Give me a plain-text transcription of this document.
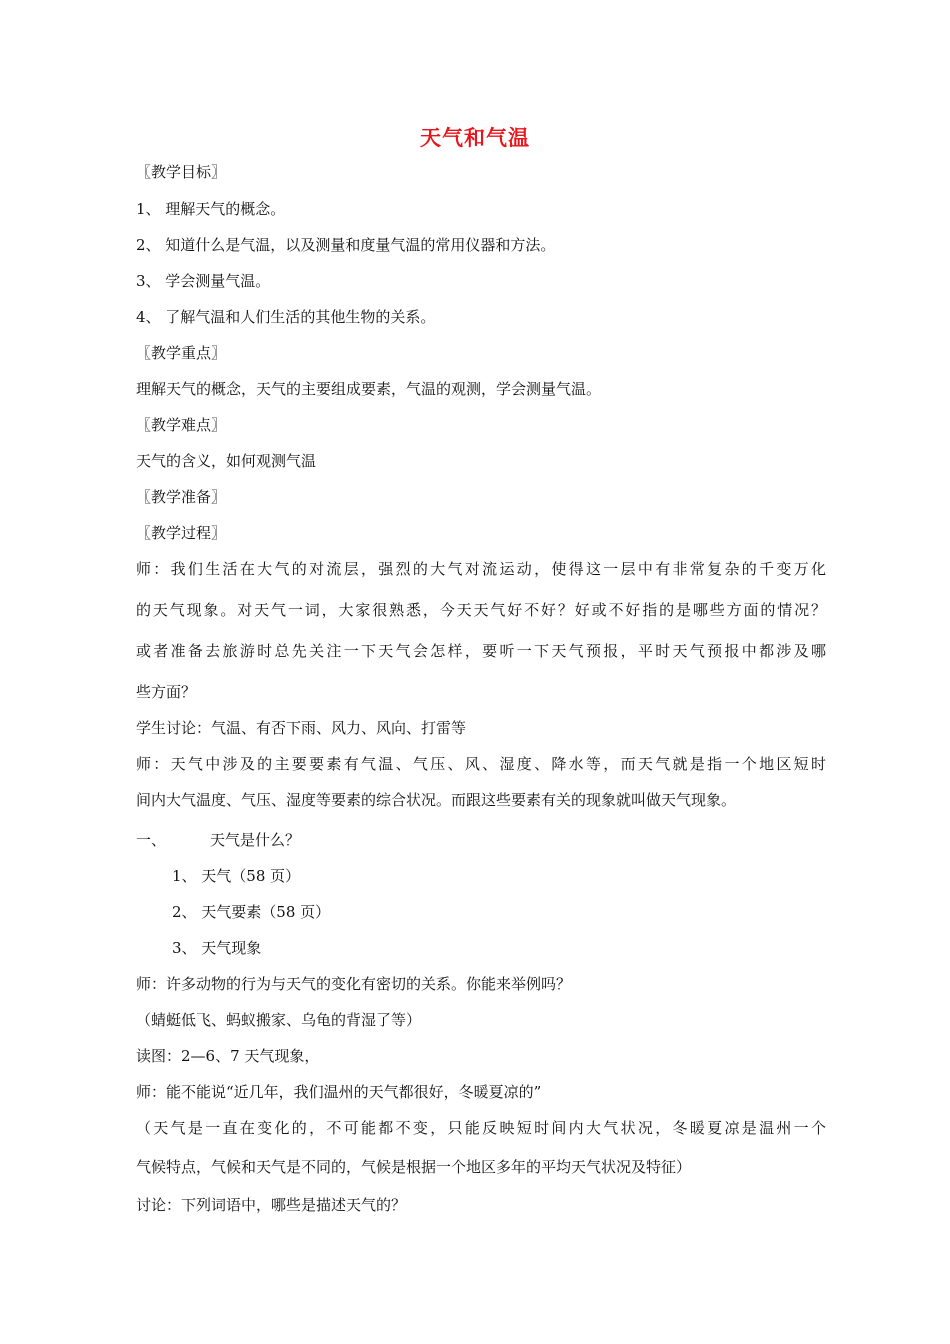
天气和气温
〖教学目标〗
1、 理解天气的概念。
2、 知道什么是气温，以及测量和度量气温的常用仪器和方法。
3、 学会测量气温。
4、 了解气温和人们生活的其他生物的关系。
〖教学重点〗
理解天气的概念，天气的主要组成要素，气温的观测，学会测量气温。
〖教学难点〗
天气的含义，如何观测气温
〖教学准备〗
〖教学过程〗
师：我们生活在大气的对流层，强烈的大气对流运动，使得这一层中有非常复杂的千变万化
的天气现象。对天气一词，大家很熟悉，今天天气好不好？好或不好指的是哪些方面的情况？
或者准备去旅游时总先关注一下天气会怎样，要听一下天气预报，平时天气预报中都涉及哪
些方面？
学生讨论：气温、有否下雨、风力、风向、打雷等
师：天气中涉及的主要要素有气温、气压、风、湿度、降水等，而天气就是指一个地区短时
间内大气温度、气压、湿度等要素的综合状况。而跟这些要素有关的现象就叫做天气现象。
一、	天气是什么？
1、 天气（58 页）
2、 天气要素（58 页）
3、 天气现象
师：许多动物的行为与天气的变化有密切的关系。你能来举例吗？
（蜻蜓低飞、蚂蚁搬家、乌龟的背湿了等）
读图：2—6、7 天气现象，
师：能不能说“近几年，我们温州的天气都很好，冬暖夏凉的”
（天气是一直在变化的，不可能都不变，只能反映短时间内大气状况，冬暖夏凉是温州一个
气候特点，气候和天气是不同的，气候是根据一个地区多年的平均天气状况及特征）
讨论：下列词语中，哪些是描述天气的？
